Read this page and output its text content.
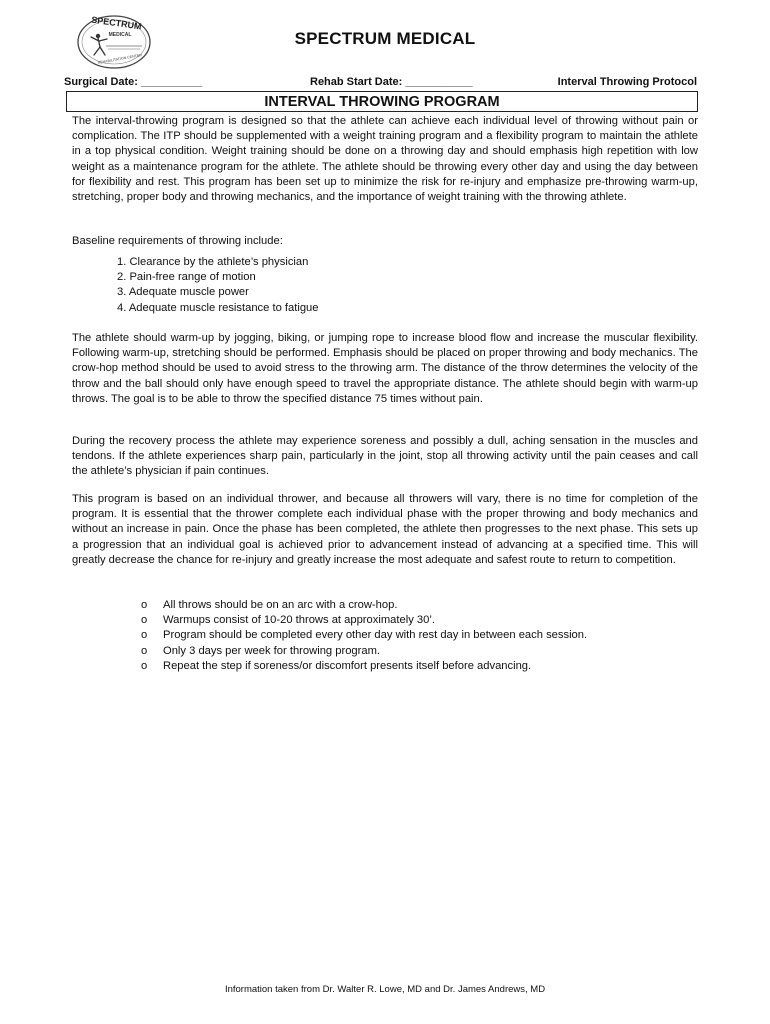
SPECTRUM
MEDICAL
REHABILITATION CENTER
SPECTRUM MEDICAL
Surgical Date: __________	Rehab Start Date: ___________	Interval Throwing Protocol
INTERVAL THROWING PROGRAM

The interval-throwing program is designed so that the athlete can achieve each individual level of throwing without pain or complication. The ITP should be supplemented with a weight training program and a flexibility program to maintain the athlete in a top physical condition. Weight training should be done on a throwing day and should emphasis high repetition with low weight as a maintenance program for the athlete. The athlete should be throwing every other day and using the day between for flexibility and rest. This program has been set up to minimize the risk for re-injury and emphasize pre-throwing warm-up, stretching, proper body and throwing mechanics, and the importance of weight training with the throwing athlete.

Baseline requirements of throwing include:

1. Clearance by the athlete’s physician
2. Pain-free range of motion
3. Adequate muscle power
4. Adequate muscle resistance to fatigue

The athlete should warm-up by jogging, biking, or jumping rope to increase blood flow and increase the muscular flexibility. Following warm-up, stretching should be performed. Emphasis should be placed on proper throwing and body mechanics. The crow-hop method should be used to avoid stress to the throwing arm. The distance of the throw determines the velocity of the throw and the ball should only have enough speed to travel the appropriate distance. The athlete should begin with warm-up throws. The goal is to be able to throw the specified distance 75 times without pain.

During the recovery process the athlete may experience soreness and possibly a dull, aching sensation in the muscles and tendons. If the athlete experiences sharp pain, particularly in the joint, stop all throwing activity until the pain ceases and call the athlete’s physician if pain continues.

This program is based on an individual thrower, and because all throwers will vary, there is no time for completion of the program. It is essential that the thrower complete each individual phase with the proper throwing and body mechanics and without an increase in pain. Once the phase has been completed, the athlete then progresses to the next phase. This sets up a progression that an individual goal is achieved prior to advancement instead of advancing at a specified time. This will greatly decrease the chance for re-injury and greatly increase the most adequate and safest route to return to competition.

o All throws should be on an arc with a crow-hop.
o Warmups consist of 10-20 throws at approximately 30’.
o Program should be completed every other day with rest day in between each session.
o Only 3 days per week for throwing program.
o Repeat the step if soreness/or discomfort presents itself before advancing.
Information taken from Dr. Walter R. Lowe, MD and Dr. James Andrews, MD
